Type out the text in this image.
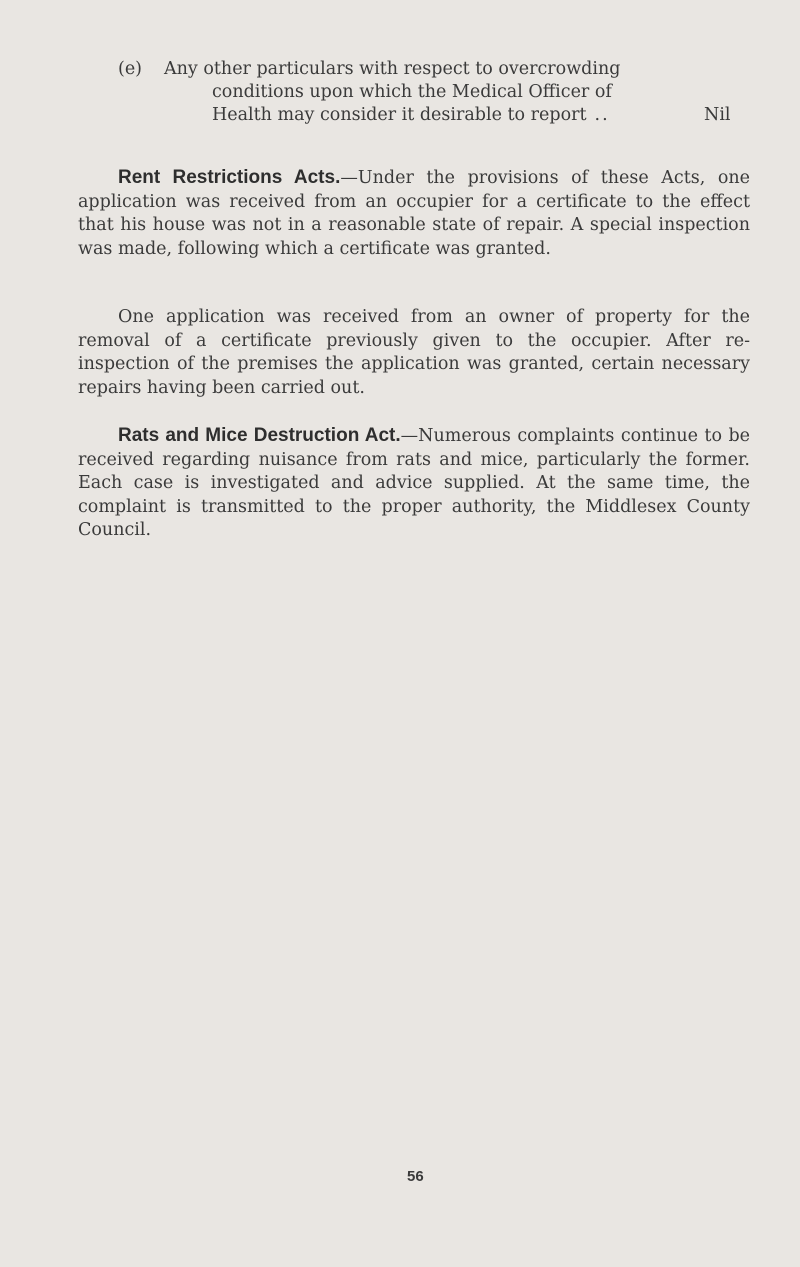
(e) Any other particulars with respect to overcrowding
conditions upon which the Medical Officer of
Health may consider it desirable to report ..	Nil

Rent Restrictions Acts.—Under the provisions of these Acts, one application was received from an occupier for a certificate to the effect that his house was not in a reasonable state of repair. A special inspection was made, following which a certificate was granted.

One application was received from an owner of property for the removal of a certificate previously given to the occupier. After re-inspection of the premises the application was granted, certain necessary repairs having been carried out.

Rats and Mice Destruction Act.—Numerous complaints continue to be received regarding nuisance from rats and mice, particularly the former. Each case is investigated and advice supplied. At the same time, the complaint is transmitted to the proper authority, the Middlesex County Council.

56
